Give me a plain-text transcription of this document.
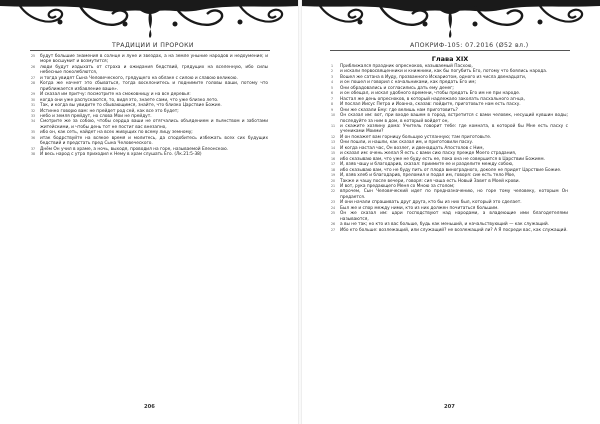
ТРАДИЦИИ И ПРОРОКИ
25 будут большие знамения в солнце и луне и звездах, а на земле уныние народов и недоумение; и море восшумит и возмутится;
26 люди будут издыхать от страха и ожидания бедствий, грядущих на вселенную, ибо силы небесные поколеблются,
27 и тогда увидят Сына Человеческого, грядущего на облаке с силою и славою великою.
28 Когда же начнет это сбываться, тогда восклонитесь и поднимите головы ваши, потому что приближается избавление ваше».
29 И сказал им притчу: посмотрите на смоковницу и на все деревья:
30 когда они уже распускаются, то, видя это, знаете сами, что уже близко лето.
31 Так, и когда вы увидите то сбывающимся, знайте, что близко Царствие Божие.
32 Истинно говорю вам: не прейдет род сей, как все это будет;
33 небо и земля прейдут, но слова Мои не прейдут.
34 Смотрите же за собою, чтобы сердца ваши не отягчались объядением и пьянством и заботами житейскими, и чтобы день тот не постиг вас внезапно,
35 ибо он, как сеть, найдет на всех живущих по всему лицу земному;
36 итак бодрствуйте на всякое время и молитесь, да сподобитесь избежать всех сих будущих бедствий и предстать пред Сына Человеческого.
37 Днём Он учил в храме, а ночь, выходя, проводил на горе, называемой Елеонскою.
38 И весь народ с утра приходил к Нему в храм слушать Его. (Лк.21:5-38)
206
АПОКРИФ-105: 07.2016 (Ø52 вл.)
Глава XIX
1 Приближался праздник опресноков, называемый Пасхою,
2 и искали первосвященники и книжники, как бы погубить Его, потому что боялись народа.
3 Вошел же сатана в Иуду, прозванного Искариотом, одного из числа двенадцати,
4 и он пошел и говорил с начальниками, как предать Его им;
5 Они обрадовались и согласились дать ему денег;
6 и он обещал, и искал удобного времени, чтобы предать Его им не при народе.
7 Настал же день опресноков, в который надлежало заколать пасхального агнца,
8 И послал Иисус Петра и Иоанна, сказав: пойдите, приготовьте нам есть пасху.
9 Они же сказали Ему: где велишь нам приготовить?
10 Он сказал им: вот, при входе вашем в город, встретится с вами человек, несущий кувшин воды; последуйте за ним в дом, в который войдет он,
11 и скажите хозяину дома: Учитель говорит тебе: где комната, в которой бы Мне есть пасху с учениками Моими?
12 И он покажет вам горницу большую устланную; там приготовьте.
13 Они пошли, и нашли, как сказал им, и приготовили пасху.
14 И когда настал час, Он возлег, и двенадцать Апостолов с Ним,
15 и сказал им: очень желал Я есть с вами сию пасху прежде Моего страдания,
16 ибо сказываю вам, что уже не буду есть ее, пока она не совершится в Царствии Божием.
17 И, взяв чашу и благодарив, сказал: приимите ее и разделите между собою,
18 ибо сказываю вам, что не буду пить от плода виноградного, доколе не придет Царствие Божие.
19 И, взяв хлеб и благодарив, преломил и подал им, говоря: сие есть тело Мое,
20 Также и чашу после вечери, говоря: сия чаша есть Новый Завет в Моей крови.
21 И вот, рука предающего Меня со Мною за столом;
22 впрочем, Сын Человеческий идет по предназначению, но горе тому человеку, которым Он предается.
23 И они начали спрашивать друг друга, кто бы из них был, который это сделает.
24 Был же и спор между ними, кто из них должен почитаться большим.
25 Он же сказал им: цари господствуют над народами, а владеющие ими благодетелями называются,
26 а вы не так; но кто из вас больше, будь как меньший, и начальствующий — как служащий.
27 Ибо кто больше: возлежащий, или служащий? не возлежащий ли? А Я посреди вас, как служащий.
207
